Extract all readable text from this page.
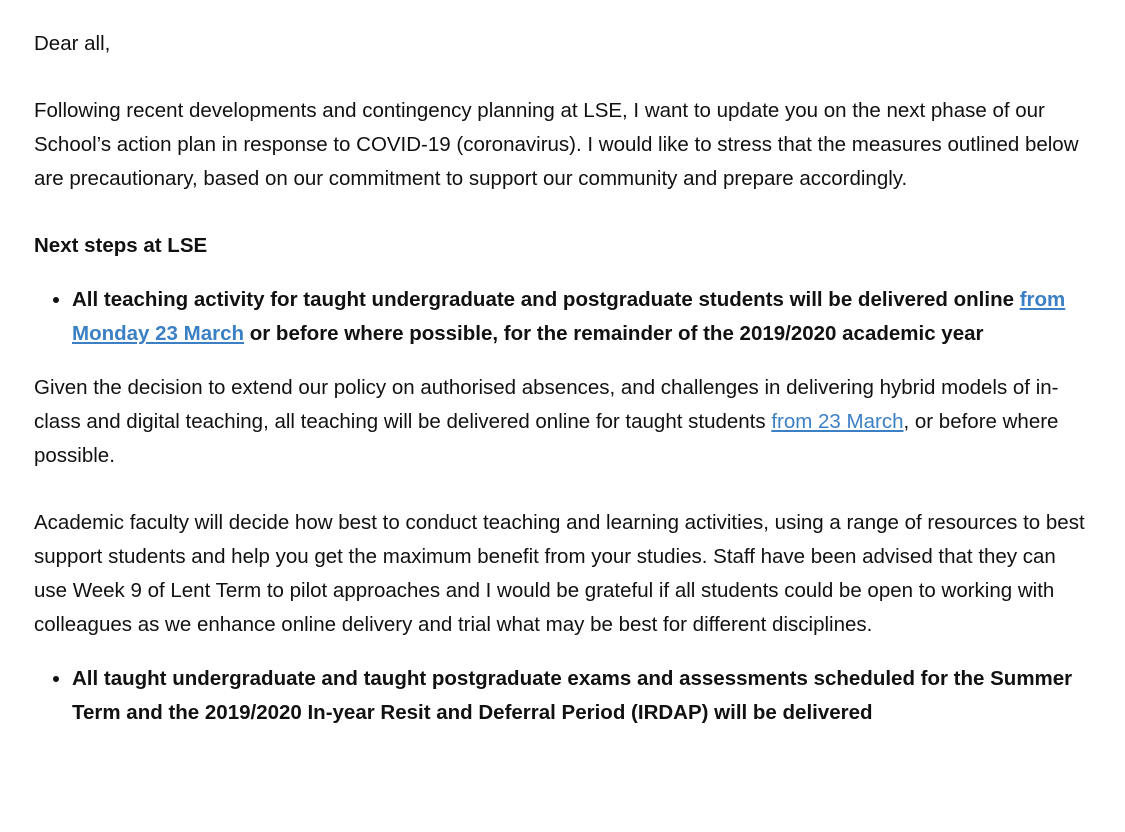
Dear all,

Following recent developments and contingency planning at LSE, I want to update you on the next phase of our School’s action plan in response to COVID-19 (coronavirus). I would like to stress that the measures outlined below are precautionary, based on our commitment to support our community and prepare accordingly.

Next steps at LSE
• All teaching activity for taught undergraduate and postgraduate students will be delivered online from Monday 23 March or before where possible, for the remainder of the 2019/2020 academic year

Given the decision to extend our policy on authorised absences, and challenges in delivering hybrid models of in-class and digital teaching, all teaching will be delivered online for taught students from 23 March, or before where possible.

Academic faculty will decide how best to conduct teaching and learning activities, using a range of resources to best support students and help you get the maximum benefit from your studies. Staff have been advised that they can use Week 9 of Lent Term to pilot approaches and I would be grateful if all students could be open to working with colleagues as we enhance online delivery and trial what may be best for different disciplines.

• All taught undergraduate and taught postgraduate exams and assessments scheduled for the Summer Term and the 2019/2020 In-year Resit and Deferral Period (IRDAP) will be delivered
